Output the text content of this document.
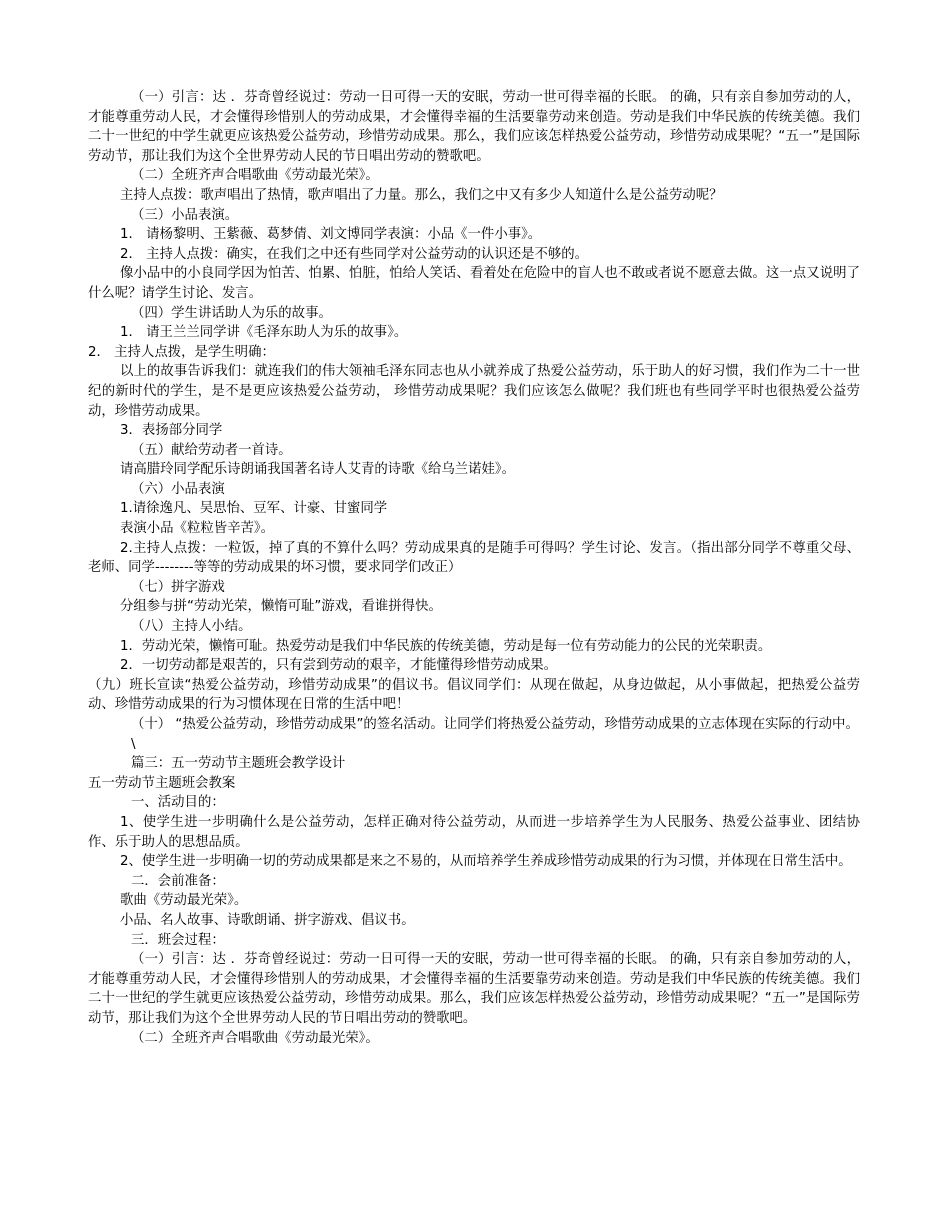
（一）引言：达 ．芬奇曾经说过：劳动一日可得一天的安眠，劳动一世可得幸福的长眠。 的确，只有亲自参加劳动的人，才能尊重劳动人民，才会懂得珍惜别人的劳动成果，才会懂得幸福的生活要靠劳动来创造。劳动是我们中华民族的传统美德。我们二十一世纪的中学生就更应该热爱公益劳动，珍惜劳动成果。那么，我们应该怎样热爱公益劳动，珍惜劳动成果呢？“五一”是国际劳动节，那让我们为这个全世界劳动人民的节日唱出劳动的赞歌吧。

（二）全班齐声合唱歌曲《劳动最光荣》。

主持人点拨：歌声唱出了热情，歌声唱出了力量。那么，我们之中又有多少人知道什么是公益劳动呢？

（三）小品表演。

1． 请杨黎明、王紫薇、葛梦倩、刘文博同学表演：小品《一件小事》。

2． 主持人点拨：确实，在我们之中还有些同学对公益劳动的认识还是不够的。

像小品中的小良同学因为怕苦、怕累、怕脏，怕给人笑话、看着处在危险中的盲人也不敢或者说不愿意去做。这一点又说明了什么呢？请学生讨论、发言。

（四）学生讲话助人为乐的故事。

1． 请王兰兰同学讲《毛泽东助人为乐的故事》。

2． 主持人点拨，是学生明确：

以上的故事告诉我们：就连我们的伟大领袖毛泽东同志也从小就养成了热爱公益劳动，乐于助人的好习惯，我们作为二十一世纪的新时代的学生，是不是更应该热爱公益劳动， 珍惜劳动成果呢？我们应该怎么做呢？我们班也有些同学平时也很热爱公益劳动，珍惜劳动成果。

3．表扬部分同学

（五）献给劳动者一首诗。

请高腊玲同学配乐诗朗诵我国著名诗人艾青的诗歌《给乌兰诺娃》。

（六）小品表演

1.请徐逸凡、吴思怡、豆军、计豪、甘蜜同学

表演小品《粒粒皆辛苦》。

2.主持人点拨：一粒饭，掉了真的不算什么吗？劳动成果真的是随手可得吗？学生讨论、发言。（指出部分同学不尊重父母、老师、同学--------等等的劳动成果的坏习惯，要求同学们改正）

（七）拼字游戏

分组参与拼“劳动光荣，懒惰可耻”游戏，看谁拼得快。

（八）主持人小结。

1．劳动光荣，懒惰可耻。热爱劳动是我们中华民族的传统美德，劳动是每一位有劳动能力的公民的光荣职责。

2．一切劳动都是艰苦的，只有尝到劳动的艰辛，才能懂得珍惜劳动成果。

（九）班长宣读“热爱公益劳动，珍惜劳动成果”的倡议书。倡议同学们：从现在做起，从身边做起，从小事做起，把热爱公益劳动、珍惜劳动成果的行为习惯体现在日常的生活中吧！

（十） “热爱公益劳动，珍惜劳动成果”的签名活动。让同学们将热爱公益劳动，珍惜劳动成果的立志体现在实际的行动中。

\

篇三：五一劳动节主题班会教学设计

五一劳动节主题班会教案

一、活动目的：

1、使学生进一步明确什么是公益劳动，怎样正确对待公益劳动，从而进一步培养学生为人民服务、热爱公益事业、团结协作、乐于助人的思想品质。

2、使学生进一步明确一切的劳动成果都是来之不易的，从而培养学生养成珍惜劳动成果的行为习惯，并体现在日常生活中。

二．会前准备：

歌曲《劳动最光荣》。

小品、名人故事、诗歌朗诵、拼字游戏、倡议书。

三．班会过程：

（一）引言：达 ．芬奇曾经说过：劳动一日可得一天的安眠，劳动一世可得幸福的长眠。 的确，只有亲自参加劳动的人，才能尊重劳动人民，才会懂得珍惜别人的劳动成果，才会懂得幸福的生活要靠劳动来创造。劳动是我们中华民族的传统美德。我们二十一世纪的学生就更应该热爱公益劳动，珍惜劳动成果。那么，我们应该怎样热爱公益劳动，珍惜劳动成果呢？“五一”是国际劳动节，那让我们为这个全世界劳动人民的节日唱出劳动的赞歌吧。

（二）全班齐声合唱歌曲《劳动最光荣》。
